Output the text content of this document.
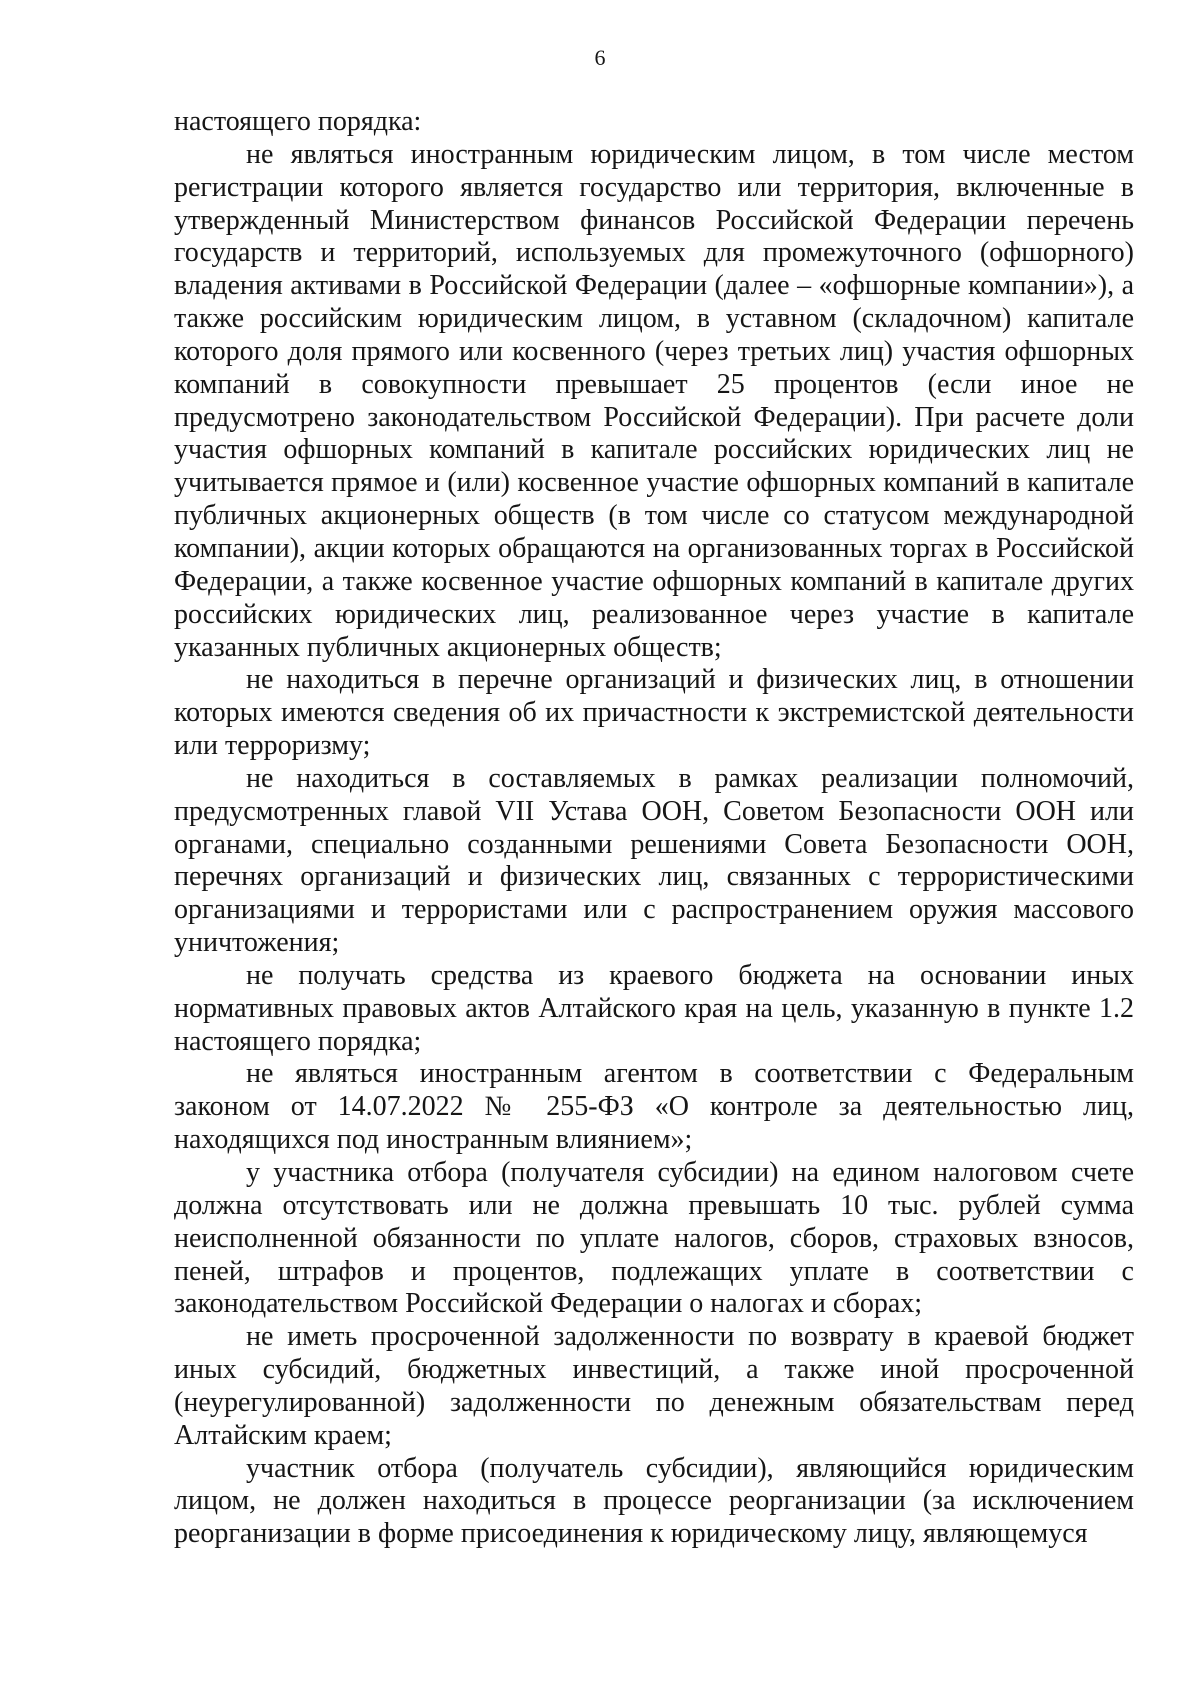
6

настоящего порядка:

не являться иностранным юридическим лицом, в том числе местом регистрации которого является государство или территория, включенные в утвержденный Министерством финансов Российской Федерации перечень государств и территорий, используемых для промежуточного (офшорного) владения активами в Российской Федерации (далее – «офшорные компании»), а также российским юридическим лицом, в уставном (складочном) капитале которого доля прямого или косвенного (через третьих лиц) участия офшорных компаний в совокупности превышает 25 процентов (если иное не предусмотрено законодательством Российской Федерации). При расчете доли участия офшорных компаний в капитале российских юридических лиц не учитывается прямое и (или) косвенное участие офшорных компаний в капитале публичных акционерных обществ (в том числе со статусом международной компании), акции которых обращаются на организованных торгах в Российской Федерации, а также косвенное участие офшорных компаний в капитале других российских юридических лиц, реализованное через участие в капитале указанных публичных акционерных обществ;

не находиться в перечне организаций и физических лиц, в отношении которых имеются сведения об их причастности к экстремистской деятельности или терроризму;

не находиться в составляемых в рамках реализации полномочий, предусмотренных главой VII Устава ООН, Советом Безопасности ООН или органами, специально созданными решениями Совета Безопасности ООН, перечнях организаций и физических лиц, связанных с террористическими организациями и террористами или с распространением оружия массового уничтожения;

не получать средства из краевого бюджета на основании иных нормативных правовых актов Алтайского края на цель, указанную в пункте 1.2 настоящего порядка;

не являться иностранным агентом в соответствии с Федеральным законом от 14.07.2022 № 255-ФЗ «О контроле за деятельностью лиц, находящихся под иностранным влиянием»;

у участника отбора (получателя субсидии) на едином налоговом счете должна отсутствовать или не должна превышать 10 тыс. рублей сумма неисполненной обязанности по уплате налогов, сборов, страховых взносов, пеней, штрафов и процентов, подлежащих уплате в соответствии с законодательством Российской Федерации о налогах и сборах;

не иметь просроченной задолженности по возврату в краевой бюджет иных субсидий, бюджетных инвестиций, а также иной просроченной (неурегулированной) задолженности по денежным обязательствам перед Алтайским краем;

участник отбора (получатель субсидии), являющийся юридическим лицом, не должен находиться в процессе реорганизации (за исключением реорганизации в форме присоединения к юридическому лицу, являющемуся
